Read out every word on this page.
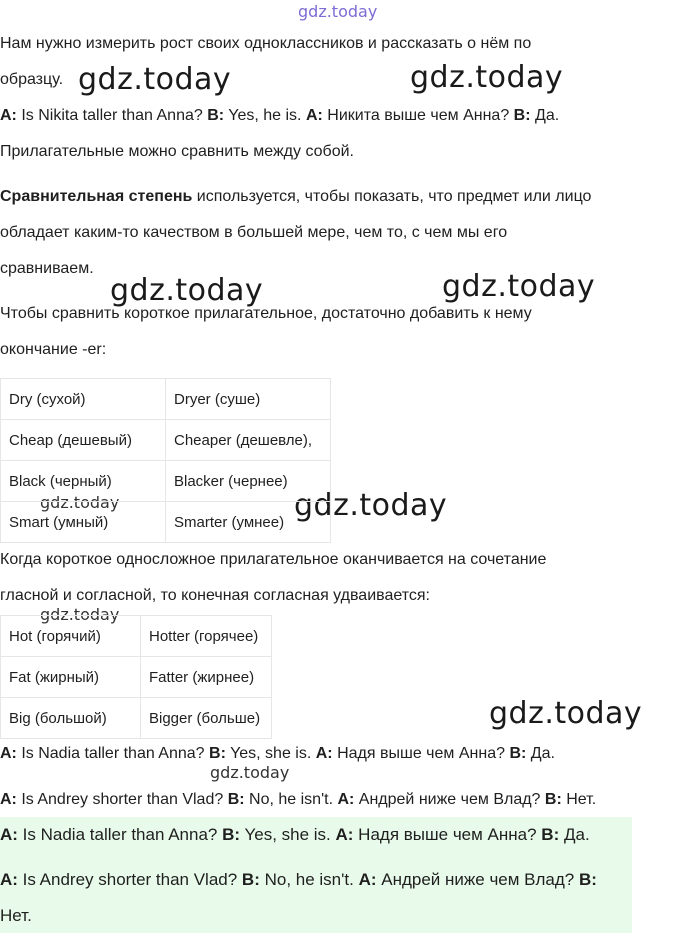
gdz.today
gdz.today	gdz.today
gdz.today	gdz.today
gdz.today	gdz.today
gdz.today
gdz.today
gdz.today

Нам нужно измерить рост своих одноклассников и рассказать о нём по

образцу.

A: Is Nikita taller than Anna? B: Yes, he is. A: Никита выше чем Анна? B: Да.

Прилагательные можно сравнить между собой.

Сравнительная степень используется, чтобы показать, что предмет или лицо

обладает каким-то качеством в большей мере, чем то, с чем мы его

сравниваем.

Чтобы сравнить короткое прилагательное, достаточно добавить к нему

окончание -er:

Dry (сухой)	Dryer (суше)
Cheap (дешевый)	Cheaper (дешевле),
Black (черный)	Blacker (чернее)
Smart (умный)	Smarter (умнее)

Когда короткое односложное прилагательное оканчивается на сочетание

гласной и согласной, то конечная согласная удваивается:

Hot (горячий)	Hotter (горячее)
Fat (жирный)	Fatter (жирнее)
Big (большой)	Bigger (больше)

A: Is Nadia taller than Anna? B: Yes, she is. A: Надя выше чем Анна? B: Да.

A: Is Andrey shorter than Vlad? B: No, he isn't. A: Андрей ниже чем Влад? B: Нет.

A: Is Nadia taller than Anna? B: Yes, she is. A: Надя выше чем Анна? B: Да.

A: Is Andrey shorter than Vlad? B: No, he isn't. A: Андрей ниже чем Влад? B:

Нет.
